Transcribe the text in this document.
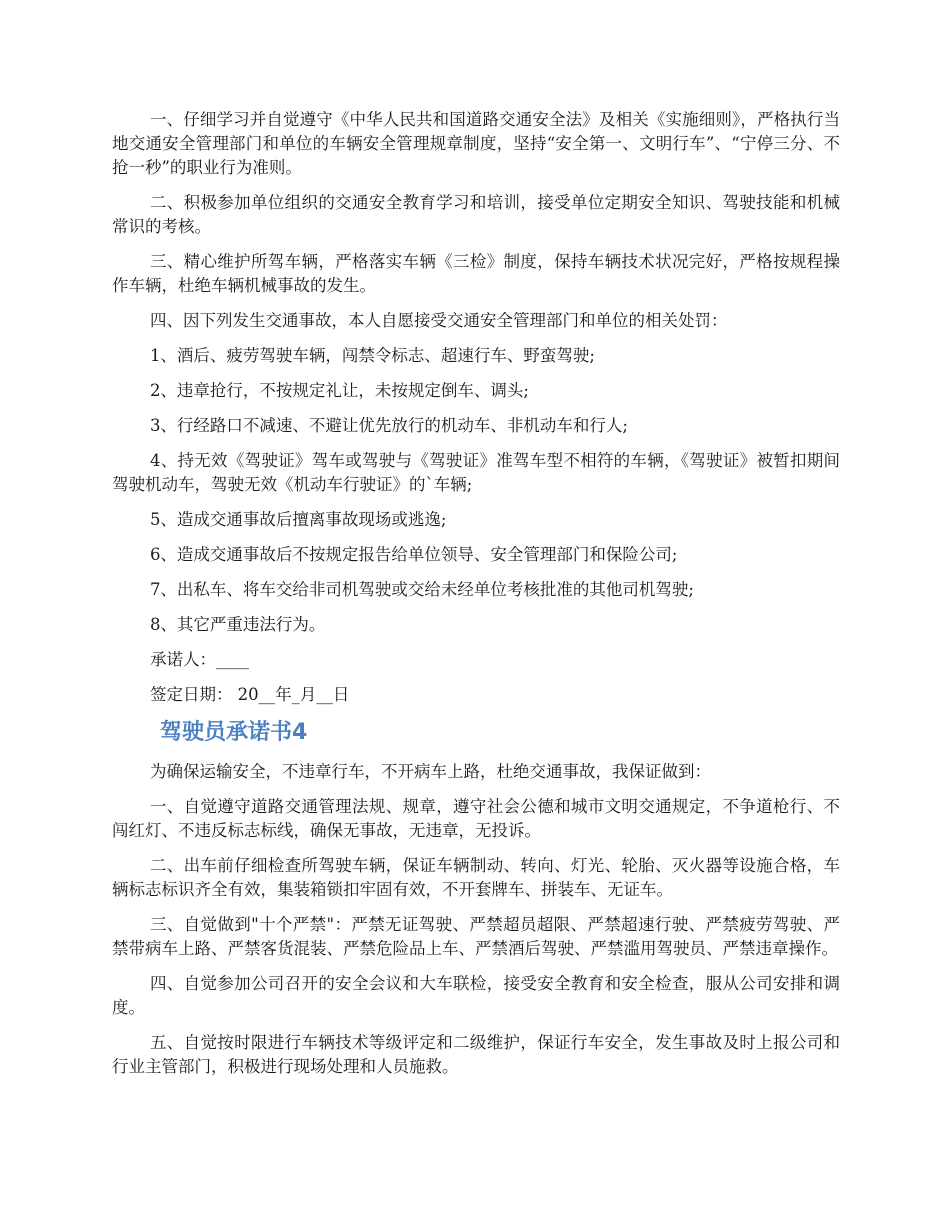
一、仔细学习并自觉遵守《中华人民共和国道路交通安全法》及相关《实施细则》，严格执行当地交通安全管理部门和单位的车辆安全管理规章制度，坚持“安全第一、文明行车”、“宁停三分、不抢一秒”的职业行为准则。

二、积极参加单位组织的交通安全教育学习和培训，接受单位定期安全知识、驾驶技能和机械常识的考核。

三、精心维护所驾车辆，严格落实车辆《三检》制度，保持车辆技术状况完好，严格按规程操作车辆，杜绝车辆机械事故的发生。

四、因下列发生交通事故，本人自愿接受交通安全管理部门和单位的相关处罚：

1、酒后、疲劳驾驶车辆，闯禁令标志、超速行车、野蛮驾驶;

2、违章抢行，不按规定礼让，未按规定倒车、调头;

3、行经路口不减速、不避让优先放行的机动车、非机动车和行人;

4、持无效《驾驶证》驾车或驾驶与《驾驶证》准驾车型不相符的车辆，《驾驶证》被暂扣期间驾驶机动车，驾驶无效《机动车行驶证》的`车辆;

5、造成交通事故后擅离事故现场或逃逸;

6、造成交通事故后不按规定报告给单位领导、安全管理部门和保险公司;

7、出私车、将车交给非司机驾驶或交给未经单位考核批准的其他司机驾驶;

8、其它严重违法行为。

承诺人：____

签定日期： 20__年_月__日

驾驶员承诺书4

为确保运输安全，不违章行车，不开病车上路，杜绝交通事故，我保证做到：

一、自觉遵守道路交通管理法规、规章，遵守社会公德和城市文明交通规定，不争道枪行、不闯红灯、不违反标志标线，确保无事故，无违章，无投诉。

二、出车前仔细检查所驾驶车辆，保证车辆制动、转向、灯光、轮胎、灭火器等设施合格，车辆标志标识齐全有效，集装箱锁扣牢固有效，不开套牌车、拼装车、无证车。

三、自觉做到"十个严禁"：严禁无证驾驶、严禁超员超限、严禁超速行驶、严禁疲劳驾驶、严禁带病车上路、严禁客货混装、严禁危险品上车、严禁酒后驾驶、严禁滥用驾驶员、严禁违章操作。

四、自觉参加公司召开的安全会议和大车联检，接受安全教育和安全检查，服从公司安排和调度。

五、自觉按时限进行车辆技术等级评定和二级维护，保证行车安全，发生事故及时上报公司和行业主管部门，积极进行现场处理和人员施救。
